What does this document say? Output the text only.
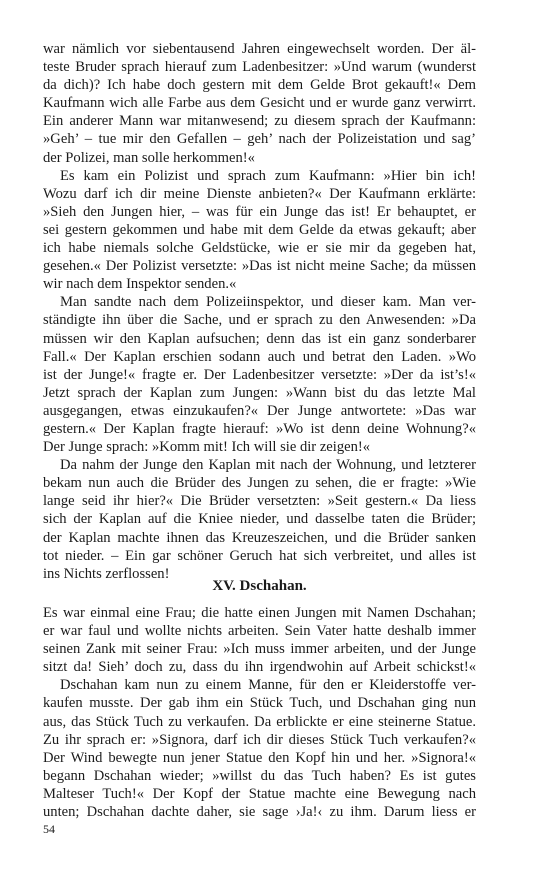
war nämlich vor siebentausend Jahren eingewechselt worden. Der äl-
teste Bruder sprach hierauf zum Ladenbesitzer: »Und warum (wunderst
da dich)? Ich habe doch gestern mit dem Gelde Brot gekauft!« Dem
Kaufmann wich alle Farbe aus dem Gesicht und er wurde ganz verwirrt.
Ein anderer Mann war mitanwesend; zu diesem sprach der Kaufmann:
»Geh’ – tue mir den Gefallen – geh’ nach der Polizeistation und sag’
der Polizei, man solle herkommen!«
Es kam ein Polizist und sprach zum Kaufmann: »Hier bin ich!
Wozu darf ich dir meine Dienste anbieten?« Der Kaufmann erklärte:
»Sieh den Jungen hier, – was für ein Junge das ist! Er behauptet, er
sei gestern gekommen und habe mit dem Gelde da etwas gekauft; aber
ich habe niemals solche Geldstücke, wie er sie mir da gegeben hat,
gesehen.« Der Polizist versetzte: »Das ist nicht meine Sache; da müssen
wir nach dem Inspektor senden.«
Man sandte nach dem Polizeiinspektor, und dieser kam. Man ver-
ständigte ihn über die Sache, und er sprach zu den Anwesenden: »Da
müssen wir den Kaplan aufsuchen; denn das ist ein ganz sonderbarer
Fall.« Der Kaplan erschien sodann auch und betrat den Laden. »Wo
ist der Junge!« fragte er. Der Ladenbesitzer versetzte: »Der da ist’s!«
Jetzt sprach der Kaplan zum Jungen: »Wann bist du das letzte Mal
ausgegangen, etwas einzukaufen?« Der Junge antwortete: »Das war
gestern.« Der Kaplan fragte hierauf: »Wo ist denn deine Wohnung?«
Der Junge sprach: »Komm mit! Ich will sie dir zeigen!«
Da nahm der Junge den Kaplan mit nach der Wohnung, und letzterer
bekam nun auch die Brüder des Jungen zu sehen, die er fragte: »Wie
lange seid ihr hier?« Die Brüder versetzten: »Seit gestern.« Da liess
sich der Kaplan auf die Kniee nieder, und dasselbe taten die Brüder;
der Kaplan machte ihnen das Kreuzeszeichen, und die Brüder sanken
tot nieder. – Ein gar schöner Geruch hat sich verbreitet, und alles ist
ins Nichts zerflossen!
XV. Dschahan.
Es war einmal eine Frau; die hatte einen Jungen mit Namen Dschahan;
er war faul und wollte nichts arbeiten. Sein Vater hatte deshalb immer
seinen Zank mit seiner Frau: »Ich muss immer arbeiten, und der Junge
sitzt da! Sieh’ doch zu, dass du ihn irgendwohin auf Arbeit schickst!«
Dschahan kam nun zu einem Manne, für den er Kleiderstoffe ver-
kaufen musste. Der gab ihm ein Stück Tuch, und Dschahan ging nun
aus, das Stück Tuch zu verkaufen. Da erblickte er eine steinerne Statue.
Zu ihr sprach er: »Signora, darf ich dir dieses Stück Tuch verkaufen?«
Der Wind bewegte nun jener Statue den Kopf hin und her. »Signora!«
begann Dschahan wieder; »willst du das Tuch haben? Es ist gutes
Malteser Tuch!« Der Kopf der Statue machte eine Bewegung nach
unten; Dschahan dachte daher, sie sage ›Ja!‹ zu ihm. Darum liess er
54
